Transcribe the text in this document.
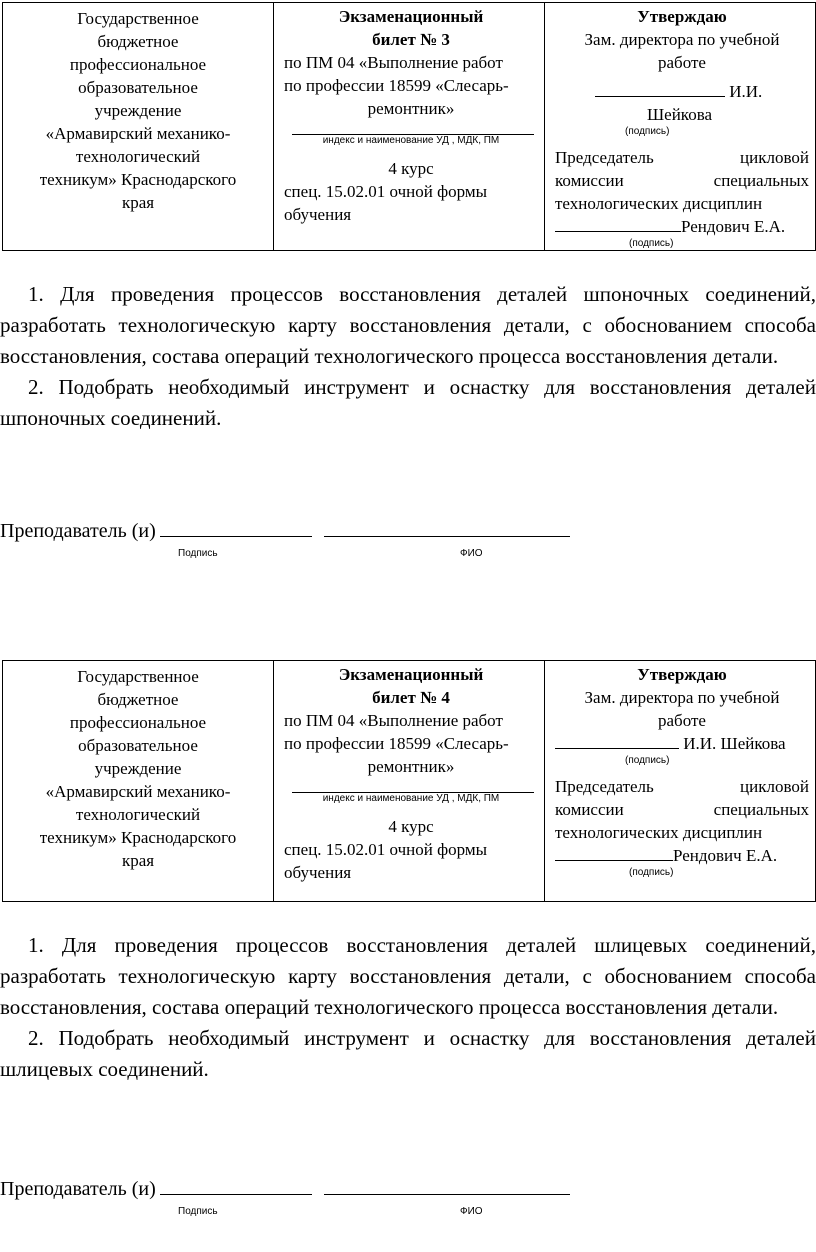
Государственное
бюджетное
профессиональное
образовательное
учреждение
«Армавирский механико-
технологический
техникум» Краснодарского
края

Экзаменационный
билет № 3
по ПМ 04 «Выполнение работ
по профессии 18599 «Слесарь-
ремонтник»
индекс и наименование УД , МДК, ПМ
4 курс
спец. 15.02.01 очной формы
обучения

Утверждаю
Зам. директора по учебной
работе
И.И.
Шейкова
(подпись)
Председатель	цикловой
комиссии	специальных
технологических дисциплин
Рендович Е.А.
(подпись)

1. Для проведения процессов восстановления деталей шпоночных соединений, разработать технологическую карту восстановления детали, с обоснованием способа восстановления, состава операций технологического процесса восстановления детали.

2. Подобрать необходимый инструмент и оснастку для восстановления деталей шпоночных соединений.

Преподаватель (и)
Подпись	ФИО
Государственное
бюджетное
профессиональное
образовательное
учреждение
«Армавирский механико-
технологический
техникум» Краснодарского
края

Экзаменационный
билет № 4
по ПМ 04 «Выполнение работ
по профессии 18599 «Слесарь-
ремонтник»
индекс и наименование УД , МДК, ПМ
4 курс
спец. 15.02.01 очной формы
обучения

Утверждаю
Зам. директора по учебной
работе
И.И. Шейкова
(подпись)
Председатель	цикловой
комиссии	специальных
технологических дисциплин
Рендович Е.А.
(подпись)

1. Для проведения процессов восстановления деталей шлицевых соединений, разработать технологическую карту восстановления детали, с обоснованием способа восстановления, состава операций технологического процесса восстановления детали.

2. Подобрать необходимый инструмент и оснастку для восстановления деталей шлицевых соединений.

Преподаватель (и)
Подпись	ФИО
